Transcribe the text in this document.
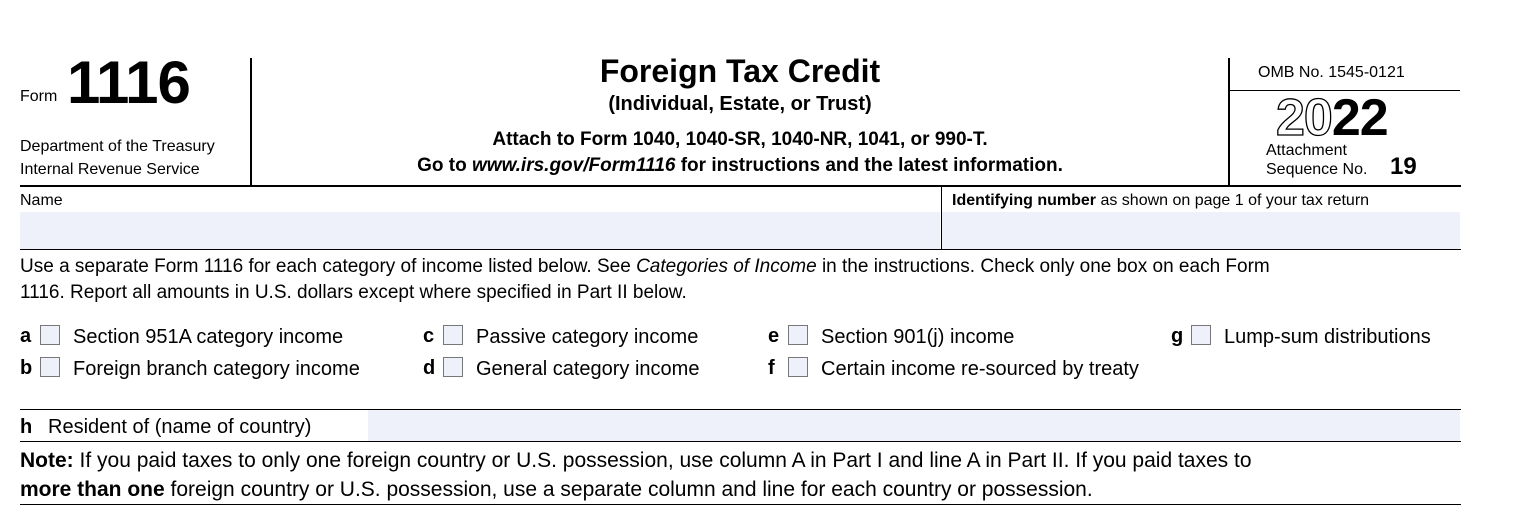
Form 1116
Department of the Treasury
Internal Revenue Service
Foreign Tax Credit
(Individual, Estate, or Trust)
Attach to Form 1040, 1040-SR, 1040-NR, 1041, or 990-T.
Go to www.irs.gov/Form1116 for instructions and the latest information.
OMB No. 1545-0121
2022
Attachment
Sequence No. 19
Name	Identifying number as shown on page 1 of your tax return
Use a separate Form 1116 for each category of income listed below. See Categories of Income in the instructions. Check only one box on each Form
1116. Report all amounts in U.S. dollars except where specified in Part II below.
a Section 951A category income
b Foreign branch category income
c Passive category income
d General category income
e Section 901(j) income
f Certain income re-sourced by treaty
g Lump-sum distributions
h Resident of (name of country)
Note: If you paid taxes to only one foreign country or U.S. possession, use column A in Part I and line A in Part II. If you paid taxes to
more than one foreign country or U.S. possession, use a separate column and line for each country or possession.
